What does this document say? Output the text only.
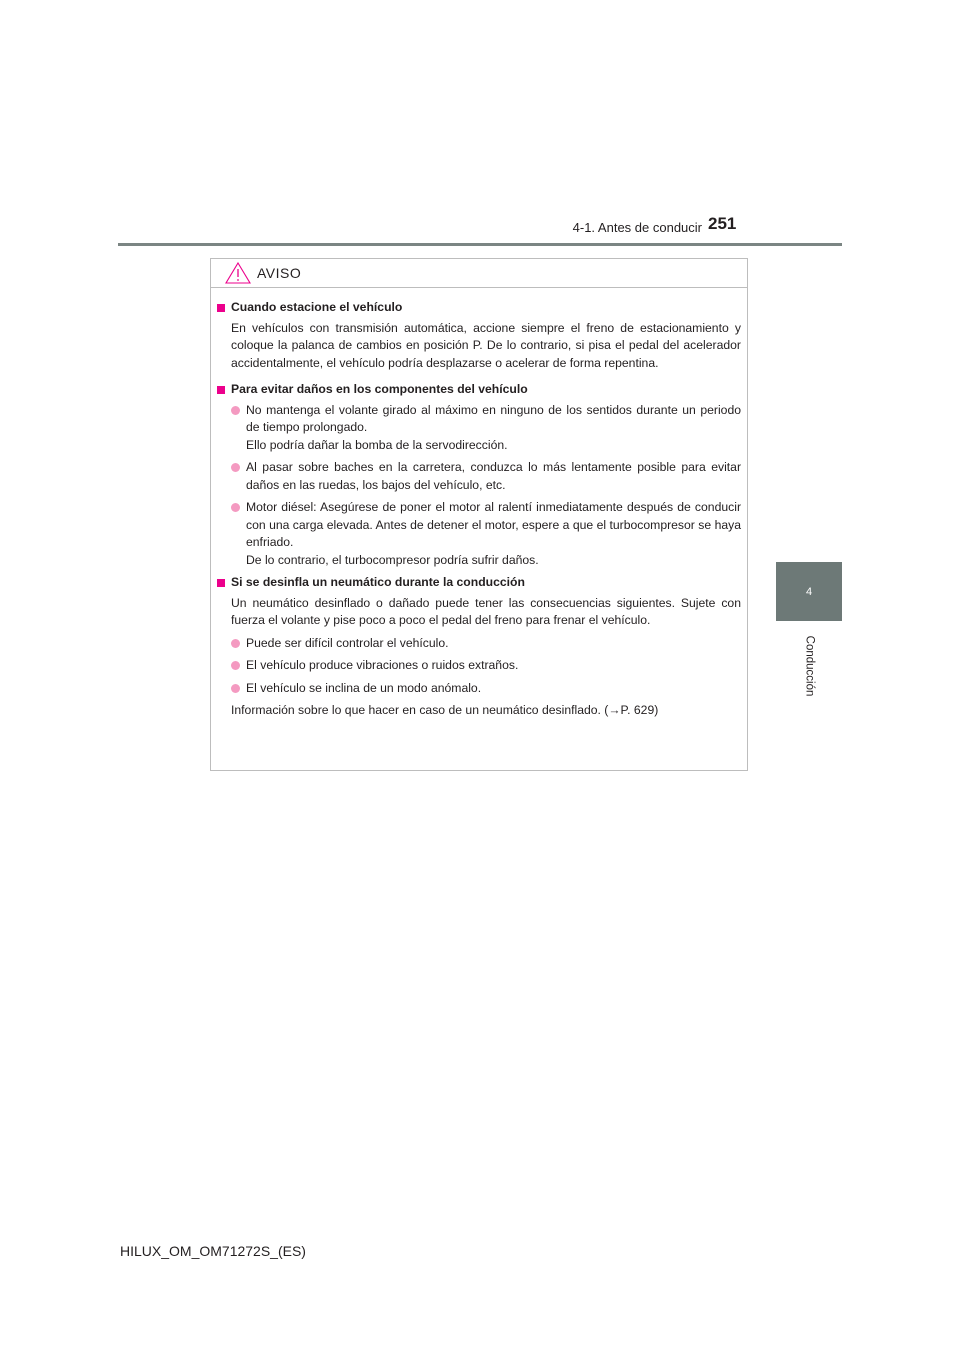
4-1. Antes de conducir 251
4
Conducción
AVISO
Cuando estacione el vehículo
En vehículos con transmisión automática, accione siempre el freno de estacionamiento y coloque la palanca de cambios en posición P. De lo contrario, si pisa el pedal del acelerador accidentalmente, el vehículo podría desplazarse o acelerar de forma repentina.
Para evitar daños en los componentes del vehículo
No mantenga el volante girado al máximo en ninguno de los sentidos durante un periodo de tiempo prolongado.
Ello podría dañar la bomba de la servodirección.
Al pasar sobre baches en la carretera, conduzca lo más lentamente posible para evitar daños en las ruedas, los bajos del vehículo, etc.
Motor diésel: Asegúrese de poner el motor al ralentí inmediatamente después de conducir con una carga elevada. Antes de detener el motor, espere a que el turbocompresor se haya enfriado.
De lo contrario, el turbocompresor podría sufrir daños.
Si se desinfla un neumático durante la conducción
Un neumático desinflado o dañado puede tener las consecuencias siguientes. Sujete con fuerza el volante y pise poco a poco el pedal del freno para frenar el vehículo.
Puede ser difícil controlar el vehículo.
El vehículo produce vibraciones o ruidos extraños.
El vehículo se inclina de un modo anómalo.
Información sobre lo que hacer en caso de un neumático desinflado. (→P. 629)
HILUX_OM_OM71272S_(ES)
